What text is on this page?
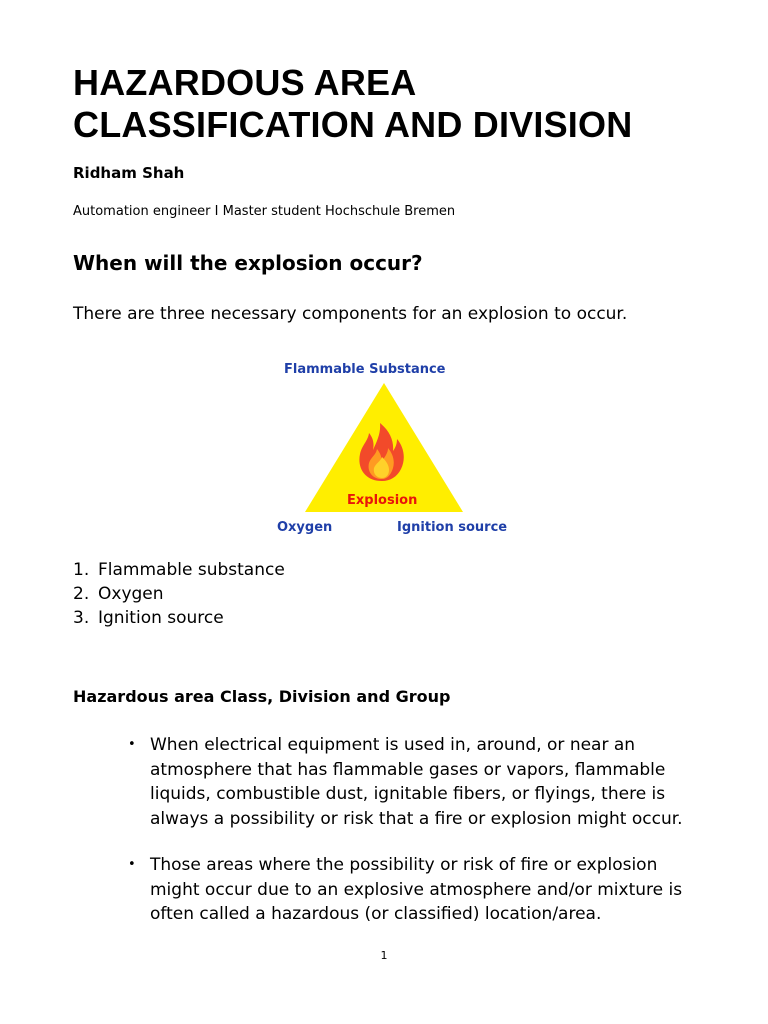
HAZARDOUS AREA
CLASSIFICATION AND DIVISION
Ridham Shah
Automation engineer I Master student Hochschule Bremen
When will the explosion occur?
There are three necessary components for an explosion to occur.
Flammable Substance
Explosion
Oxygen	Ignition source
1. Flammable substance
2. Oxygen
3. Ignition source
Hazardous area Class, Division and Group
• When electrical equipment is used in, around, or near an atmosphere that has flammable gases or vapors, flammable liquids, combustible dust, ignitable fibers, or flyings, there is always a possibility or risk that a fire or explosion might occur.
• Those areas where the possibility or risk of fire or explosion might occur due to an explosive atmosphere and/or mixture is often called a hazardous (or classified) location/area.
1
